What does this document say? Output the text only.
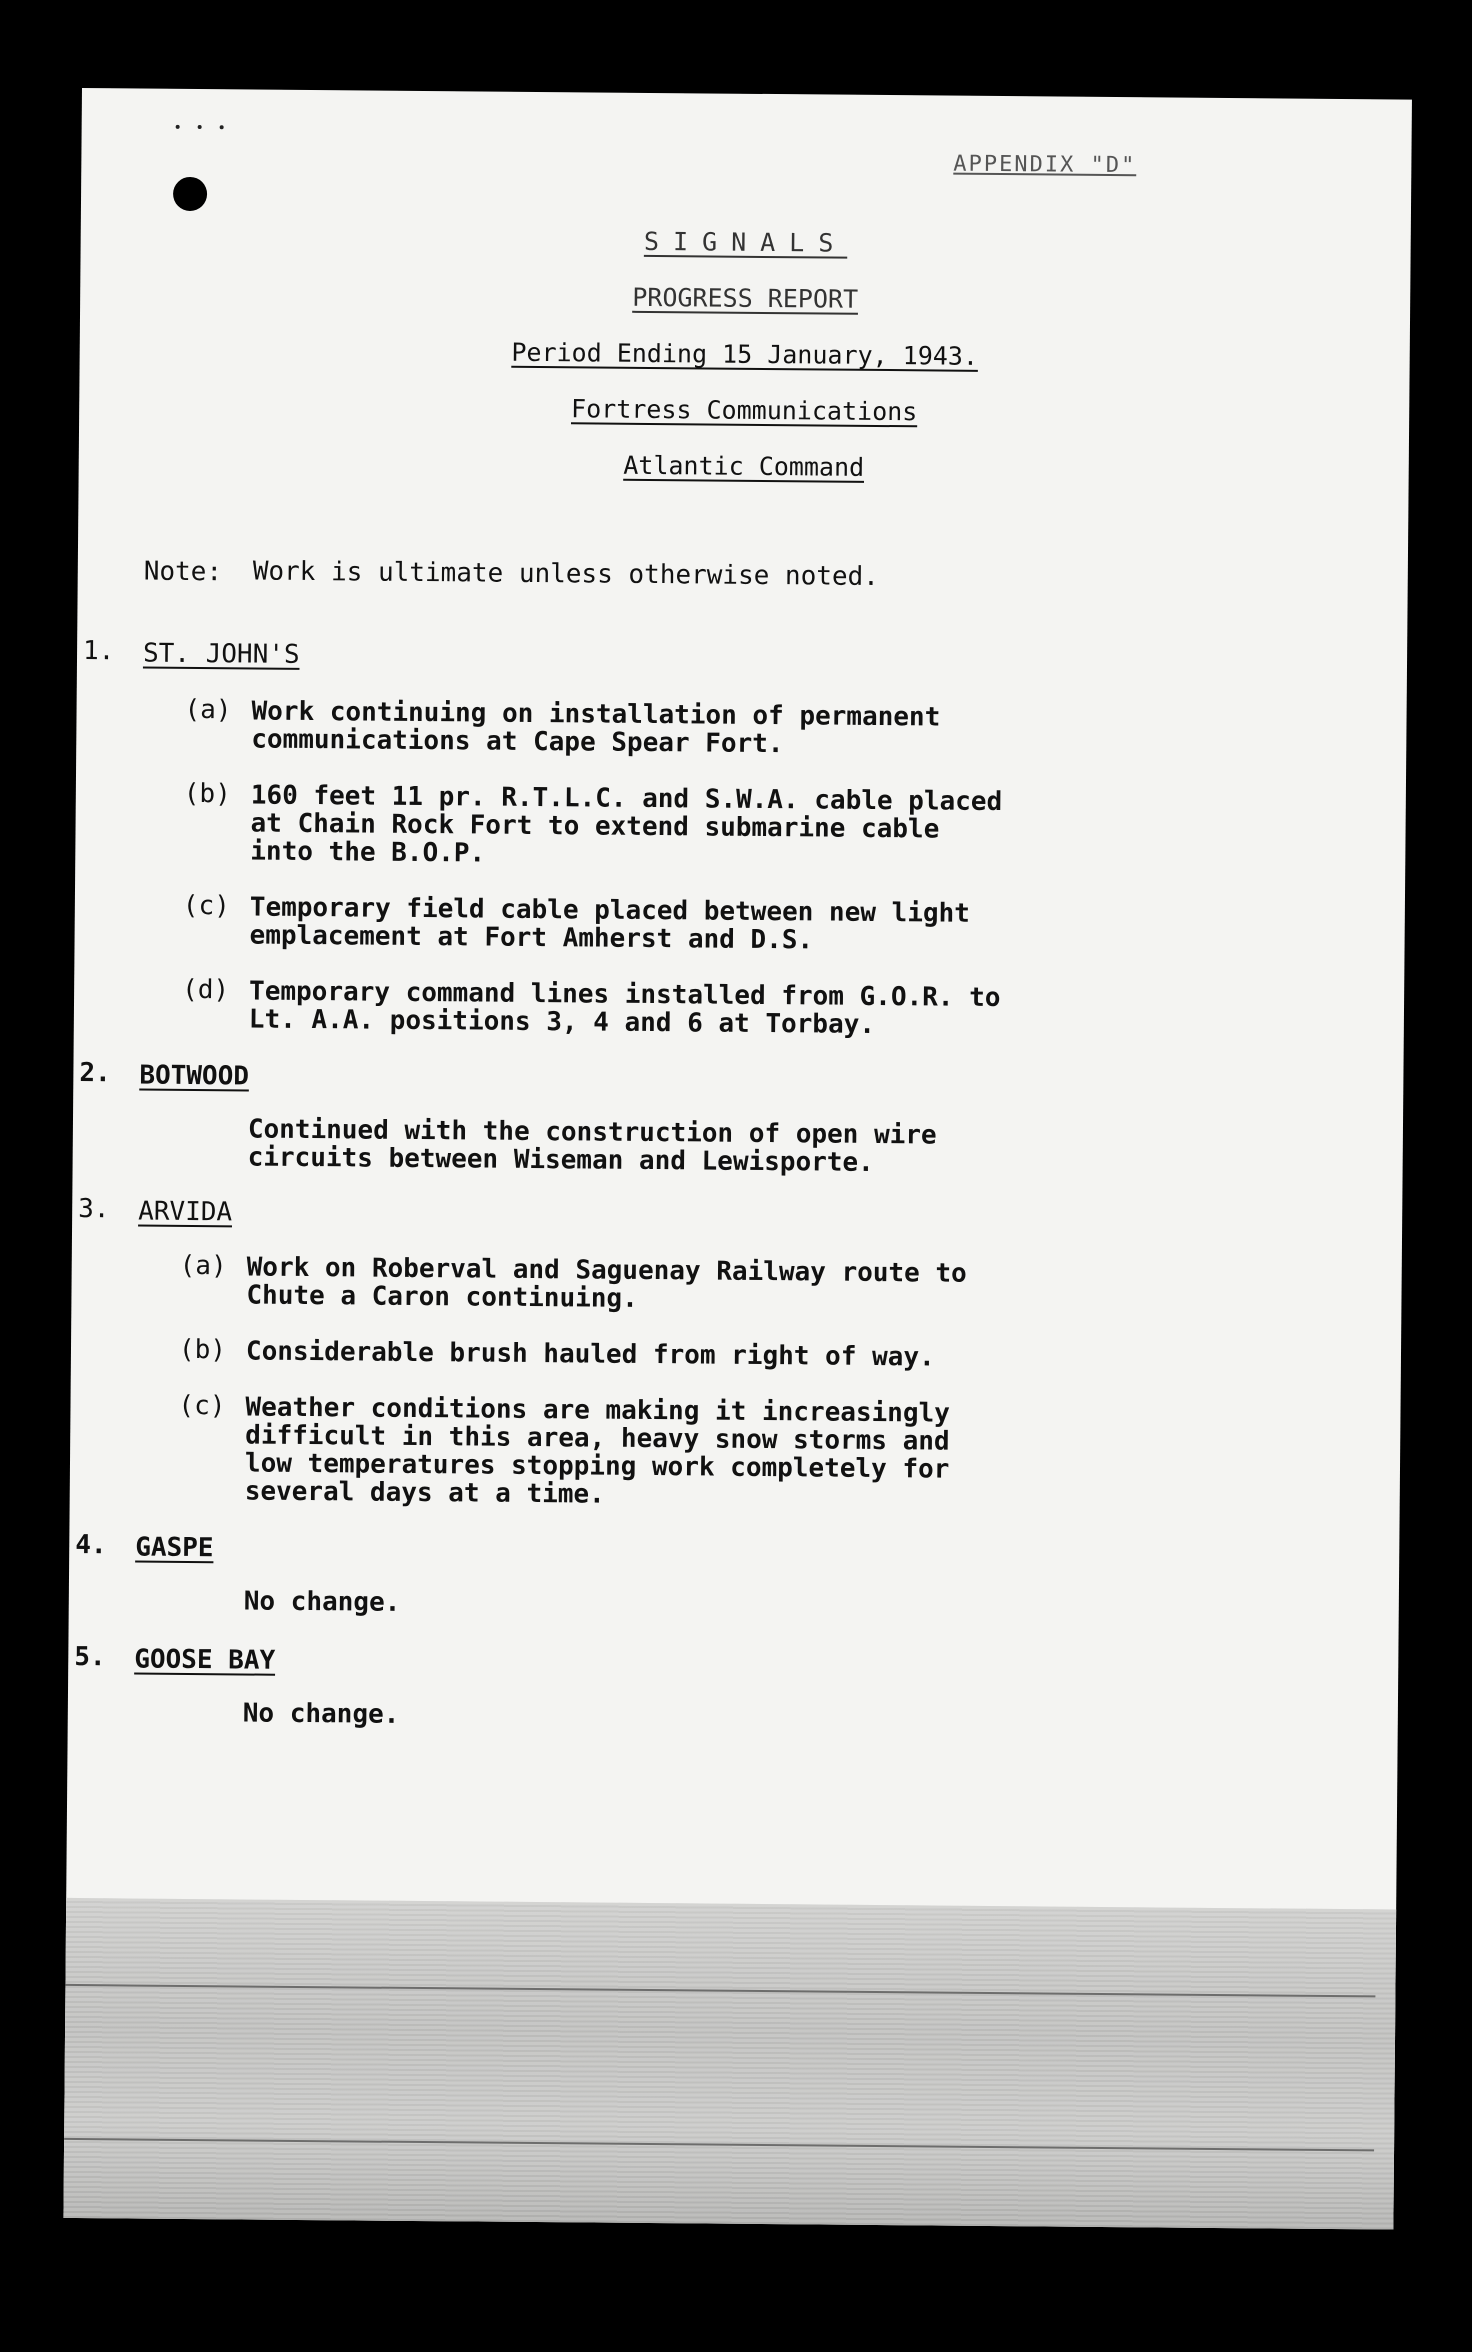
APPENDIX "D"
SIGNALS
PROGRESS REPORT
Period Ending 15 January, 1943.
Fortress Communications
Atlantic Command
Note: Work is ultimate unless otherwise noted.
1. ST. JOHN'S
(a) Work continuing on installation of permanent
communications at Cape Spear Fort.
(b) 160 feet 11 pr. R.T.L.C. and S.W.A. cable placed
at Chain Rock Fort to extend submarine cable
into the B.O.P.
(c) Temporary field cable placed between new light
emplacement at Fort Amherst and D.S.
(d) Temporary command lines installed from G.O.R. to
Lt. A.A. positions 3, 4 and 6 at Torbay.
2. BOTWOOD
Continued with the construction of open wire
circuits between Wiseman and Lewisporte.
3. ARVIDA
(a) Work on Roberval and Saguenay Railway route to
Chute a Caron continuing.
(b) Considerable brush hauled from right of way.
(c) Weather conditions are making it increasingly
difficult in this area, heavy snow storms and
low temperatures stopping work completely for
several days at a time.
4. GASPE
No change.
5. GOOSE BAY
No change.
